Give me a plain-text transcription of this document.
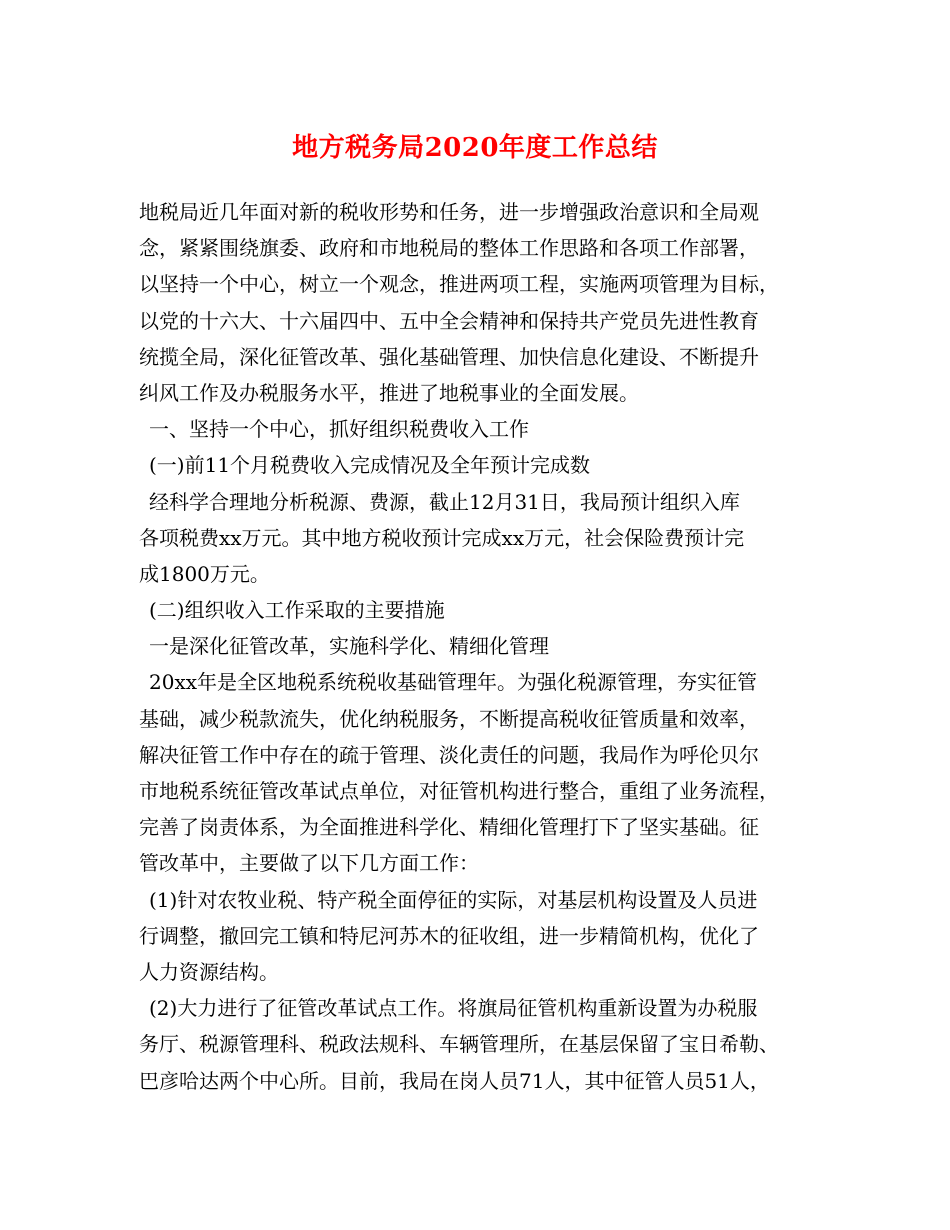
地方税务局2020年度工作总结
地税局近几年面对新的税收形势和任务，进一步增强政治意识和全局观
念，紧紧围绕旗委、政府和市地税局的整体工作思路和各项工作部署，
以坚持一个中心，树立一个观念，推进两项工程，实施两项管理为目标，
以党的十六大、十六届四中、五中全会精神和保持共产党员先进性教育
统揽全局，深化征管改革、强化基础管理、加快信息化建设、不断提升
纠风工作及办税服务水平，推进了地税事业的全面发展。
一、坚持一个中心，抓好组织税费收入工作
(一)前11个月税费收入完成情况及全年预计完成数
经科学合理地分析税源、费源，截止12月31日，我局预计组织入库
各项税费xx万元。其中地方税收预计完成xx万元，社会保险费预计完
成1800万元。
(二)组织收入工作采取的主要措施
一是深化征管改革，实施科学化、精细化管理
20xx年是全区地税系统税收基础管理年。为强化税源管理，夯实征管
基础，减少税款流失，优化纳税服务，不断提高税收征管质量和效率，
解决征管工作中存在的疏于管理、淡化责任的问题，我局作为呼伦贝尔
市地税系统征管改革试点单位，对征管机构进行整合，重组了业务流程，
完善了岗责体系，为全面推进科学化、精细化管理打下了坚实基础。征
管改革中，主要做了以下几方面工作：
(1)针对农牧业税、特产税全面停征的实际，对基层机构设置及人员进
行调整，撤回完工镇和特尼河苏木的征收组，进一步精简机构，优化了
人力资源结构。
(2)大力进行了征管改革试点工作。将旗局征管机构重新设置为办税服
务厅、税源管理科、税政法规科、车辆管理所，在基层保留了宝日希勒、
巴彦哈达两个中心所。目前，我局在岗人员71人，其中征管人员51人，
